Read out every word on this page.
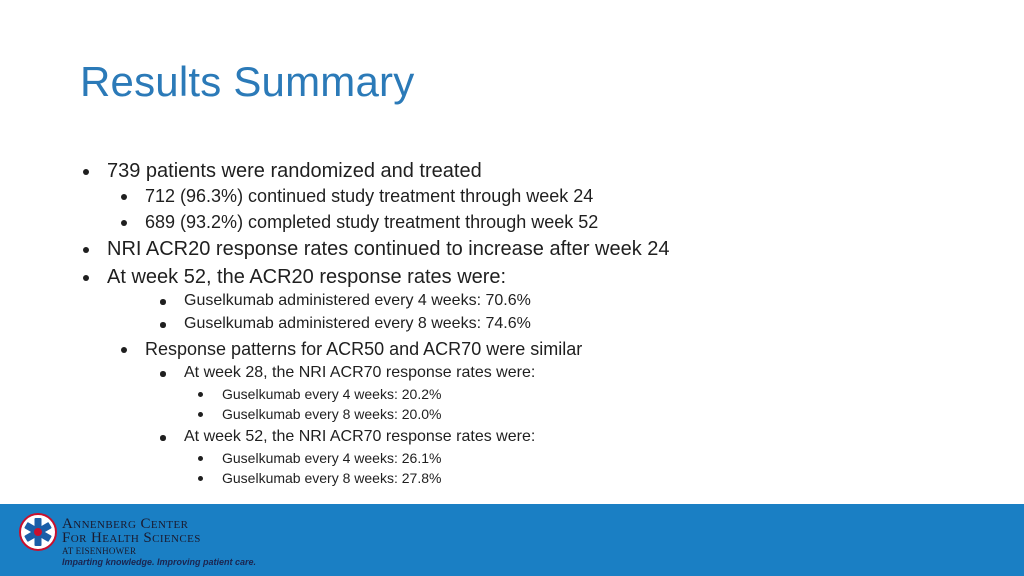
Results Summary
739 patients were randomized and treated
712 (96.3%) continued study treatment through week 24
689 (93.2%) completed study treatment through week 52
NRI ACR20 response rates continued to increase after week 24
At week 52, the ACR20 response rates were:
Guselkumab administered every 4 weeks: 70.6%
Guselkumab administered every 8 weeks: 74.6%
Response patterns for ACR50 and ACR70 were similar
At week 28, the NRI ACR70 response rates were:
Guselkumab every 4 weeks: 20.2%
Guselkumab every 8 weeks: 20.0%
At week 52, the NRI ACR70 response rates were:
Guselkumab every 4 weeks: 26.1%
Guselkumab every 8 weeks: 27.8%
Annenberg Center
For Health Sciences
AT EISENHOWER
Imparting knowledge. Improving patient care.
